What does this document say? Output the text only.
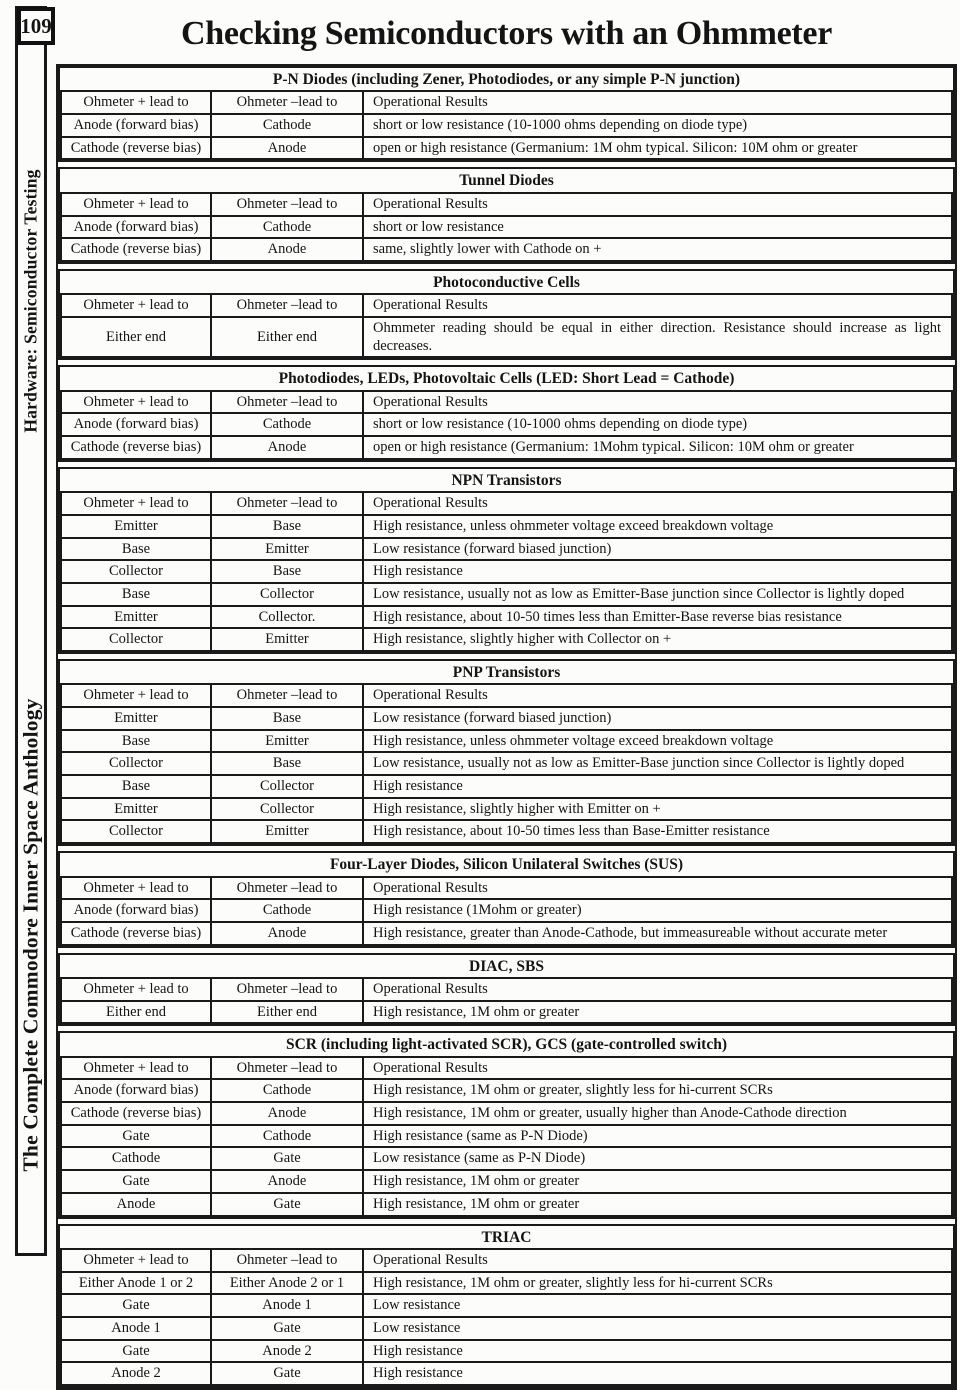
Hardware: Semiconductor Testing
The Complete Commodore Inner Space Anthology
109	Checking Semiconductors with an Ohmmeter
P-N Diodes (including Zener, Photodiodes, or any simple P-N junction)
Ohmeter + lead to	Ohmeter –lead to	Operational Results
Anode (forward bias)	Cathode	short or low resistance (10-1000 ohms depending on diode type)
Cathode (reverse bias)	Anode	open or high resistance (Germanium: 1M ohm typical. Silicon: 10M ohm or greater
Tunnel Diodes
Ohmeter + lead to	Ohmeter –lead to	Operational Results
Anode (forward bias)	Cathode	short or low resistance
Cathode (reverse bias)	Anode	same, slightly lower with Cathode on +
Photoconductive Cells
Ohmeter + lead to	Ohmeter –lead to	Operational Results
Either end	Either end	Ohmmeter reading should be equal in either direction. Resistance should increase as light decreases.
Photodiodes, LEDs, Photovoltaic Cells (LED: Short Lead = Cathode)
Ohmeter + lead to	Ohmeter –lead to	Operational Results
Anode (forward bias)	Cathode	short or low resistance (10-1000 ohms depending on diode type)
Cathode (reverse bias)	Anode	open or high resistance (Germanium: 1Mohm typical. Silicon: 10M ohm or greater
NPN Transistors
Ohmeter + lead to	Ohmeter –lead to	Operational Results
Emitter	Base	High resistance, unless ohmmeter voltage exceed breakdown voltage
Base	Emitter	Low resistance (forward biased junction)
Collector	Base	High resistance
Base	Collector	Low resistance, usually not as low as Emitter-Base junction since Collector is lightly doped
Emitter	Collector.	High resistance, about 10-50 times less than Emitter-Base reverse bias resistance
Collector	Emitter	High resistance, slightly higher with Collector on +
PNP Transistors
Ohmeter + lead to	Ohmeter –lead to	Operational Results
Emitter	Base	Low resistance (forward biased junction)
Base	Emitter	High resistance, unless ohmmeter voltage exceed breakdown voltage
Collector	Base	Low resistance, usually not as low as Emitter-Base junction since Collector is lightly doped
Base	Collector	High resistance
Emitter	Collector	High resistance, slightly higher with Emitter on +
Collector	Emitter	High resistance, about 10-50 times less than Base-Emitter resistance
Four-Layer Diodes, Silicon Unilateral Switches (SUS)
Ohmeter + lead to	Ohmeter –lead to	Operational Results
Anode (forward bias)	Cathode	High resistance (1Mohm or greater)
Cathode (reverse bias)	Anode	High resistance, greater than Anode-Cathode, but immeasureable without accurate meter
DIAC, SBS
Ohmeter + lead to	Ohmeter –lead to	Operational Results
Either end	Either end	High resistance, 1M ohm or greater
SCR (including light-activated SCR), GCS (gate-controlled switch)
Ohmeter + lead to	Ohmeter –lead to	Operational Results
Anode (forward bias)	Cathode	High resistance, 1M ohm or greater, slightly less for hi-current SCRs
Cathode (reverse bias)	Anode	High resistance, 1M ohm or greater, usually higher than Anode-Cathode direction
Gate	Cathode	High resistance (same as P-N Diode)
Cathode	Gate	Low resistance (same as P-N Diode)
Gate	Anode	High resistance, 1M ohm or greater
Anode	Gate	High resistance, 1M ohm or greater
TRIAC
Ohmeter + lead to	Ohmeter –lead to	Operational Results
Either Anode 1 or 2	Either Anode 2 or 1	High resistance, 1M ohm or greater, slightly less for hi-current SCRs
Gate	Anode 1	Low resistance
Anode 1	Gate	Low resistance
Gate	Anode 2	High resistance
Anode 2	Gate	High resistance
